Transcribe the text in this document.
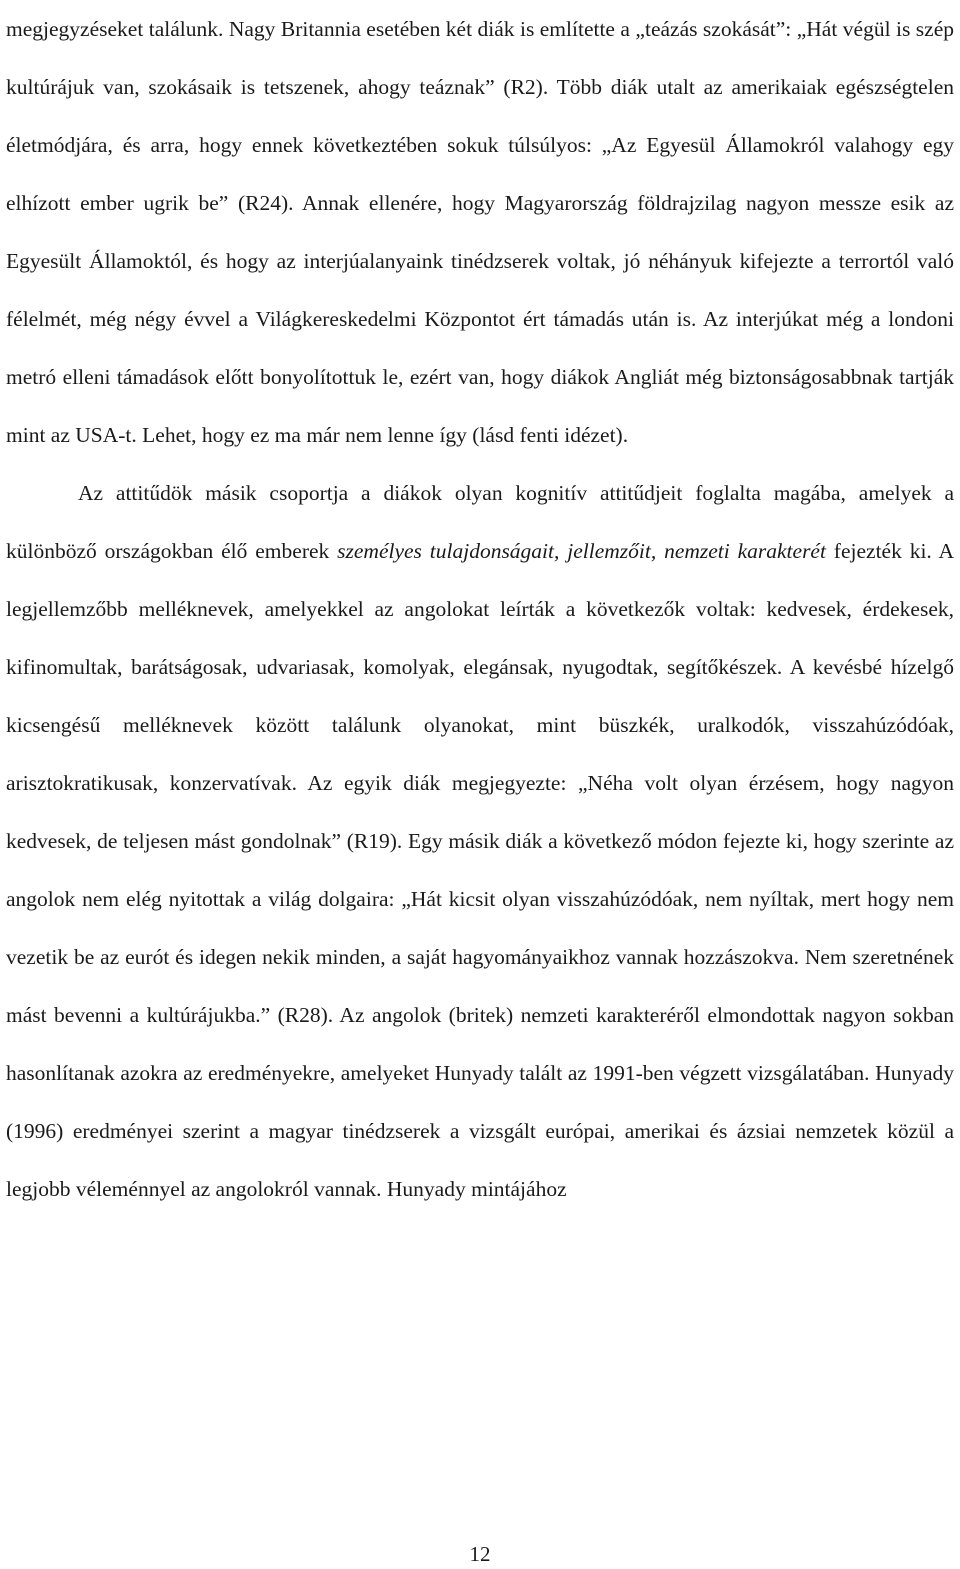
megjegyzéseket találunk. Nagy Britannia esetében két diák is említette a „teázás szokását”: „Hát végül is szép kultúrájuk van, szokásaik is tetszenek, ahogy teáznak” (R2). Több diák utalt az amerikaiak egészségtelen életmódjára, és arra, hogy ennek következtében sokuk túlsúlyos: „Az Egyesül Államokról valahogy egy elhízott ember ugrik be” (R24). Annak ellenére, hogy Magyarország földrajzilag nagyon messze esik az Egyesült Államoktól, és hogy az interjúalanyaink tinédzserek voltak, jó néhányuk kifejezte a terrortól való félelmét, még négy évvel a Világkereskedelmi Központot ért támadás után is. Az interjúkat még a londoni metró elleni támadások előtt bonyolítottuk le, ezért van, hogy diákok Angliát még biztonságosabbnak tartják mint az USA-t. Lehet, hogy ez ma már nem lenne így (lásd fenti idézet).

Az attitűdök másik csoportja a diákok olyan kognitív attitűdjeit foglalta magába, amelyek a különböző országokban élő emberek személyes tulajdonságait, jellemzőit, nemzeti karakterét fejezték ki. A legjellemzőbb melléknevek, amelyekkel az angolokat leírták a következők voltak: kedvesek, érdekesek, kifinomultak, barátságosak, udvariasak, komolyak, elegánsak, nyugodtak, segítőkészek. A kevésbé hízelgő kicsengésű melléknevek között találunk olyanokat, mint büszkék, uralkodók, visszahúzódóak, arisztokratikusak, konzervatívak. Az egyik diák megjegyezte: „Néha volt olyan érzésem, hogy nagyon kedvesek, de teljesen mást gondolnak” (R19). Egy másik diák a következő módon fejezte ki, hogy szerinte az angolok nem elég nyitottak a világ dolgaira: „Hát kicsit olyan visszahúzódóak, nem nyíltak, mert hogy nem vezetik be az eurót és idegen nekik minden, a saját hagyományaikhoz vannak hozzászokva. Nem szeretnének mást bevenni a kultúrájukba.” (R28). Az angolok (britek) nemzeti karakteréről elmondottak nagyon sokban hasonlítanak azokra az eredményekre, amelyeket Hunyady talált az 1991-ben végzett vizsgálatában. Hunyady (1996) eredményei szerint a magyar tinédzserek a vizsgált európai, amerikai és ázsiai nemzetek közül a legjobb véleménnyel az angolokról vannak. Hunyady mintájához

12
